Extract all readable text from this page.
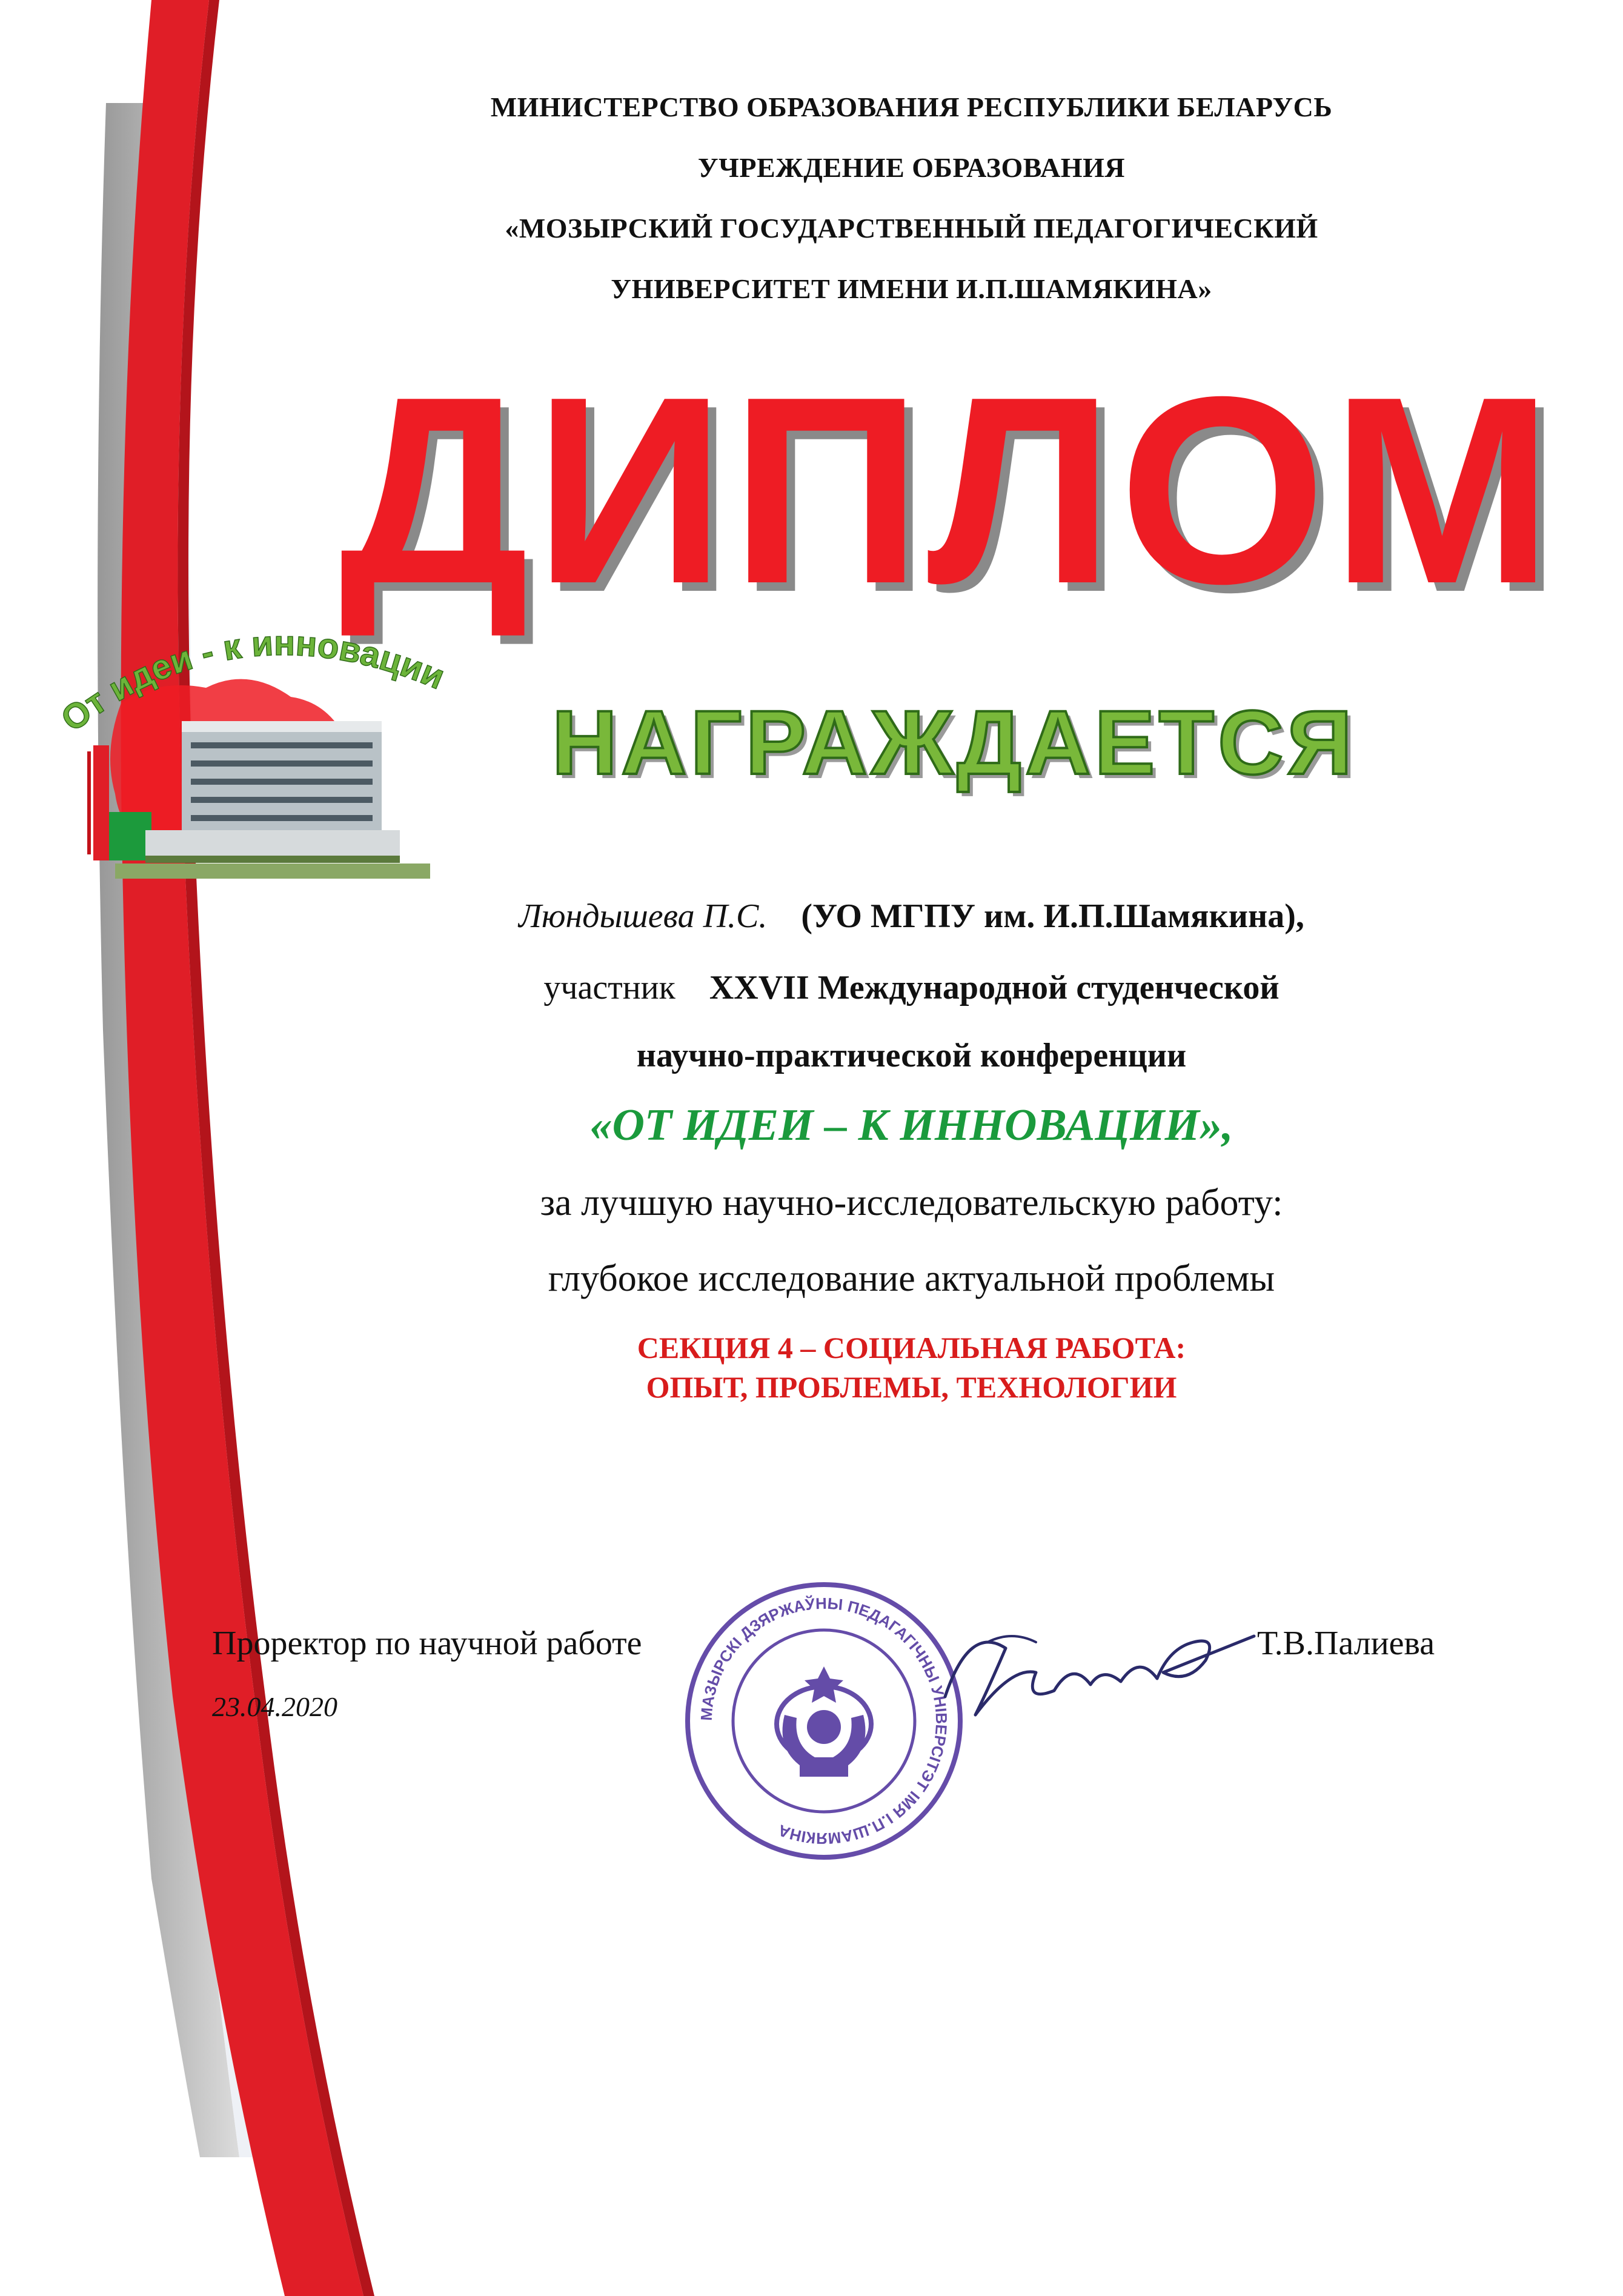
МИНИСТЕРСТВО ОБРАЗОВАНИЯ РЕСПУБЛИКИ БЕЛАРУСЬ
УЧРЕЖДЕНИЕ ОБРАЗОВАНИЯ
«МОЗЫРСКИЙ ГОСУДАРСТВЕННЫЙ ПЕДАГОГИЧЕСКИЙ
УНИВЕРСИТЕТ ИМЕНИ И.П.ШАМЯКИНА»
ДИПЛОМ
От идеи - к инновации
НАГРАЖДАЕТСЯ
Люндышева П.С. (УО МГПУ им. И.П.Шамякина),
участник XXVII Международной студенческой
научно-практической конференции
«ОТ ИДЕИ – К ИННОВАЦИИ»,
за лучшую научно-исследовательскую работу:
глубокое исследование актуальной проблемы
СЕКЦИЯ 4 – СОЦИАЛЬНАЯ РАБОТА:
ОПЫТ, ПРОБЛЕМЫ, ТЕХНОЛОГИИ
Проректор по научной работе
23.04.2020	МАЗЫРСКІ ДЗЯРЖАЎНЫ ПЕДАГАГІЧНЫ УНІВЕРСІТЭТ ІМЯ І.П.ШАМЯКІНА
Т.В.Палиева
